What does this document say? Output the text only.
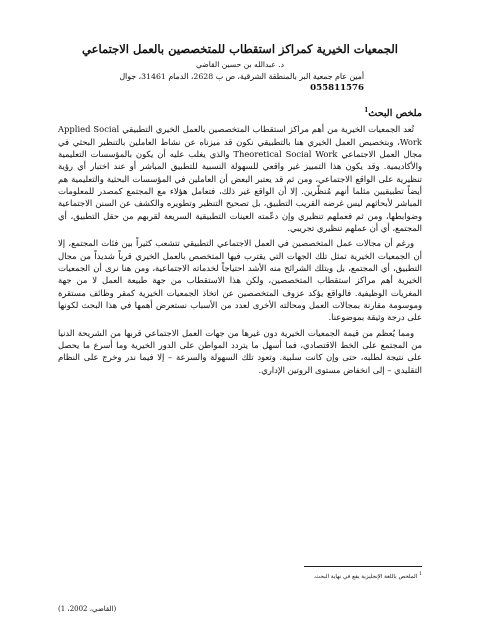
الجمعيات الخيرية كمراكز استقطاب للمتخصصين بالعمل الاجتماعي

د. عبدالله بن حسين القاضي

أمين عام جمعية البر بالمنطقة الشرقية، ص ب 2628، الدمام 31461، جوال

055811576

ملخص البحث$^1$

تُعد الجمعيات الخيرية من أهم مراكز استقطاب المتخصصين بالعمل الخيري التطبيقي Applied Social Work، وبتخصيص العمل الخيري هنا بالتطبيقي نكون قد ميزناه عن نشاط العاملين بالتنظير البحثي في مجال العمل الاجتماعي Theoretical Social Work والذي يغلب عليه أن يكون بالمؤسسات التعليمية والأكاديمية. وقد يكون هذا التمييز غير واقعي للسهولة النسبية للتطبيق المباشر أو عند اختبار أي رؤية تنظيرية على الواقع الاجتماعي، ومن ثم قد يعتبر البعض أن العاملين في المؤسسات البحثية والتعليمية هم أيضاً تطبيقيين مثلما أنهم مُنظّرين. إلا أن الواقع غير ذلك، فتعامل هؤلاء مع المجتمع كمصدر للمعلومات المباشر لأبحاثهم ليس غرضه القريب التطبيق، بل تصحيح التنظير وتطويره والكشف عن السنن الاجتماعية وضوابطها، ومن ثم فعملهم تنظيري وإن دعّمته العينات التطبيقية السريعة لقربهم من حقل التطبيق، أي المجتمع، أي أن عملهم تنظيري تجريبي.

ورغم أن مجالات عمل المتخصصين في العمل الاجتماعي التطبيقي تتشعب كثيراً بين فئات المجتمع، إلا أن الجمعيات الخيرية تمثل تلك الجهات التي يقترب فيها المتخصص بالعمل الخيري قرباً شديداً من مجال التطبيق، أي المجتمع، بل وبتلك الشرائح منه الأشد احتياجاً لخدماته الاجتماعية، ومن هنا نرى أن الجمعيات الخيرية أهم مراكز استقطاب المتخصصين، ولكن هذا الاستقطاب من جهة طبيعة العمل لا من جهة المغريات الوظيفية. فالواقع يؤكد عزوف المتخصصين عن اتخاذ الجمعيات الخيرية كمقر وظائف مستقرة وموسومة مقارنة بمجالات العمل ومحالته الأخرى لعدد من الأسباب نستعرض أهمها في هذا البحث لكونها على درجة وثيقة بموضوعنا.

ومما يُعظم من قيمة الجمعيات الخيرية دون غيرها من جهات العمل الاجتماعي قربها من الشريحة الدنيا من المجتمع على الخط الاقتصادي، فما أسهل ما يتردد المواطن على الدور الخيرية وما أسرع ما يحصل على نتيجة لطلبه، حتى وإن كانت سلبية. وتعود تلك السهولة والسرعة – إلا فيما ندر وخرج على النظام التقليدي – إلى انخفاض مستوى الروتين الإداري.

$^1$ الملخص باللغة الإنجليزية يقع في نهاية البحث.

(القاضي، 2002، 1)
